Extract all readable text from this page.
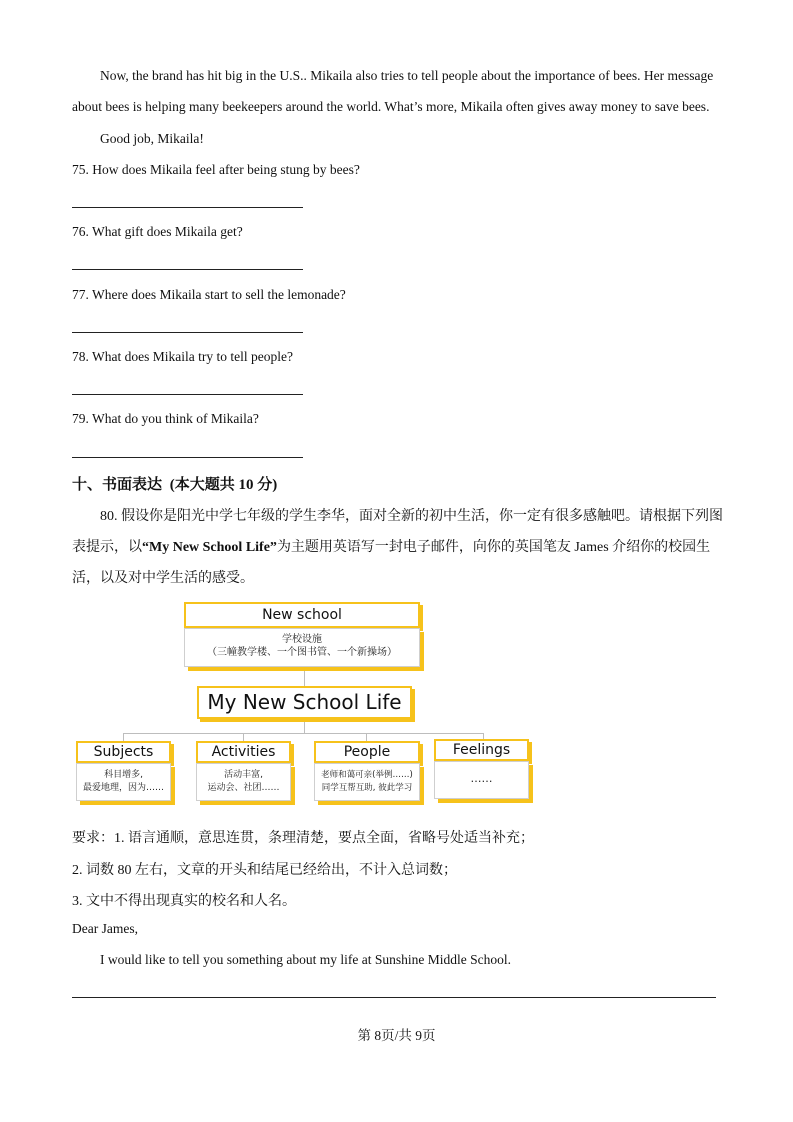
Now, the brand has hit big in the U.S.. Mikaila also tries to tell people about the importance of bees. Her message
about bees is helping many beekeepers around the world. What’s more, Mikaila often gives away money to save bees.
Good job, Mikaila!
75. How does Mikaila feel after being stung by bees?
76. What gift does Mikaila get?
77. Where does Mikaila start to sell the lemonade?
78. What does Mikaila try to tell people?
79. What do you think of Mikaila?
十、书面表达 (本大题共 10 分)
80. 假设你是阳光中学七年级的学生李华，面对全新的初中生活，你一定有很多感触吧。请根据下列图
表提示，以“My New School Life”为主题用英语写一封电子邮件，向你的英国笔友 James 介绍你的校园生
活，以及对中学生活的感受。
New school
学校设施
（三幢教学楼、一个图书管、一个新操场）
My New School Life
Subjects
科目增多,
最爱地理，因为……
Activities
活动丰富,
运动会、社团……
People
老师和蔼可亲(举例……)
同学互帮互助, 彼此学习
Feelings
……
要求：1. 语言通顺，意思连贯，条理清楚，要点全面，省略号处适当补充；
2. 词数 80 左右，文章的开头和结尾已经给出，不计入总词数；
3. 文中不得出现真实的校名和人名。
Dear James,
I would like to tell you something about my life at Sunshine Middle School.
第 8页/共 9页
